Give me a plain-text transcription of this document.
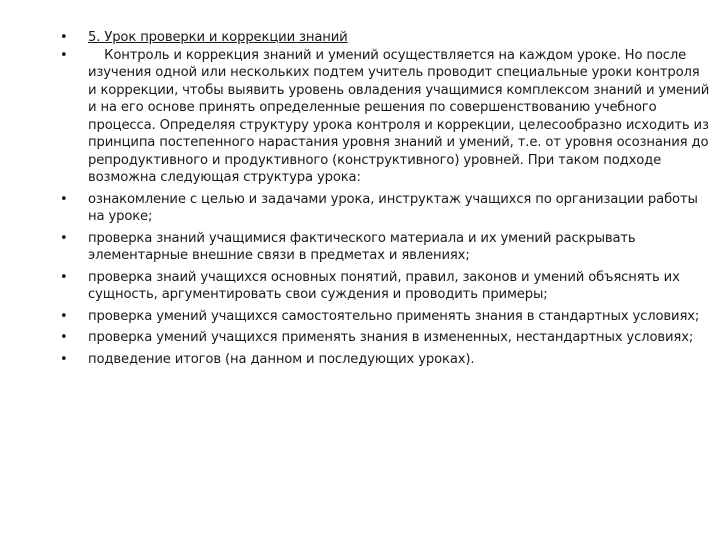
• 5. Урок проверки и коррекции знаний
• Контроль и коррекция знаний и умений осуществляется на каждом уроке. Но после изучения одной или нескольких подтем учитель проводит специальные уроки контроля и коррекции, чтобы выявить уровень овладения учащимися комплексом знаний и умений и на его основе принять определенные решения по совершенствованию учебного процесса. Определяя структуру урока контроля и коррекции, целесообразно исходить из принципа постепенного нарастания уровня знаний и умений, т.е. от уровня осознания до репродуктивного и продуктивного (конструктивного) уровней. При таком подходе возможна следующая структура урока:
• ознакомление с целью и задачами урока, инструктаж учащихся по организации работы на уроке;
• проверка знаний учащимися фактического материала и их умений раскрывать элементарные внешние связи в предметах и явлениях;
• проверка знаий учащихся основных понятий, правил, законов и умений объяснять их сущность, аргументировать свои суждения и проводить примеры;
• проверка умений учащихся самостоятельно применять знания в стандартных условиях;
• проверка умений учащихся применять знания в измененных, нестандартных условиях;
• подведение итогов (на данном и последующих уроках).
